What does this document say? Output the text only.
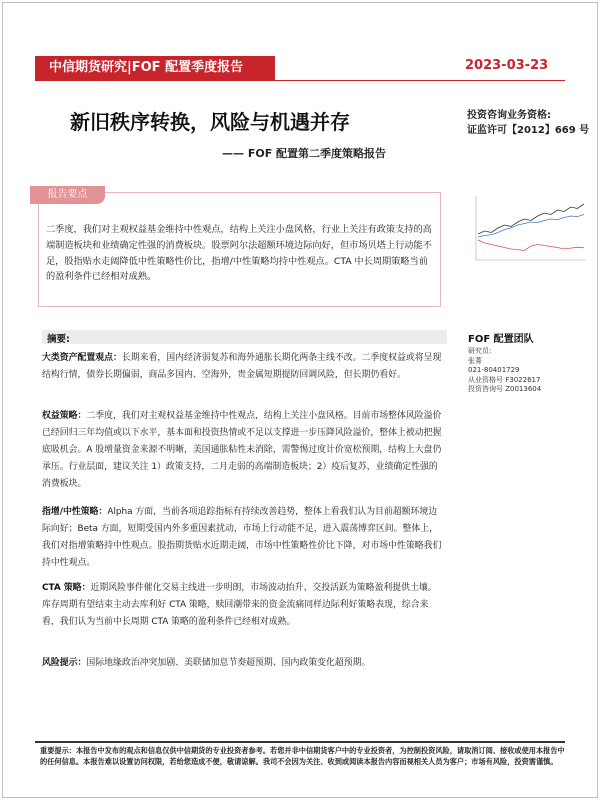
中信期货研究|FOF 配置季度报告	2023-03-23
新旧秩序转换，风险与机遇并存
—— FOF 配置第二季度策略报告
投资咨询业务资格:
证监许可【2012】669 号
报告要点
二季度，我们对主观权益基金维持中性观点，结构上关注小盘风格，行业上关注有政策支持的高端制造板块和业绩确定性强的消费板块。股票阿尔法超额环境边际向好，但市场贝塔上行动能不足，股指贴水走阔降低中性策略性价比，指增/中性策略均持中性观点。CTA 中长周期策略当前的盈利条件已经相对成熟。
FOF 配置团队
研究员:
张菁
021-80401729
从业资格号 F3022617
投资咨询号 Z0013604
摘要:
大类资产配置观点：长期来看，国内经济弱复苏和海外通胀长期化两条主线不改。二季度权益或将呈现结构行情，债券长期偏弱，商品多国内、空海外，贵金属短期提防回调风险，但长期仍看好。
权益策略：二季度，我们对主观权益基金维持中性观点，结构上关注小盘风格。目前市场整体风险溢价已经回归三年均值或以下水平，基本面和投资热情或不足以支撑进一步压降风险溢价，整体上被动把握底吸机会。A 股增量资金来源不明晰，美国通胀粘性未消除，需警惕过度计价宽松预期，结构上大盘仍承压。行业层面，建议关注 1）政策支持，二月走弱的高端制造板块；2）疫后复苏，业绩确定性强的消费板块。
指增/中性策略：Alpha 方面，当前各项追踪指标有持续改善趋势，整体上看我们认为目前超额环境边际向好；Beta 方面，短期受国内外多重因素扰动，市场上行动能不足，进入震荡博弈区间。整体上，我们对指增策略持中性观点。股指期货贴水近期走阔，市场中性策略性价比下降，对市场中性策略我们持中性观点。
CTA 策略：近期风险事件催化交易主线进一步明朗，市场波动抬升、交投活跃为策略盈利提供土壤。库存周期有望结束主动去库利好 CTA 策略，赎回潮带来的资金流痛同样边际利好策略表现，综合来看，我们认为当前中长周期 CTA 策略的盈利条件已经相对成熟。
风险提示：国际地缘政治冲突加剧、美联储加息节奏超预期、国内政策变化超预期。
重要提示：本报告中发布的观点和信息仅供中信期货的专业投资者参考。若您并非中信期货客户中的专业投资者，为控制投资风险，请取消订阅、接收或使用本报告中的任何信息。本报告难以设置访问权限，若给您造成不便，敬请谅解。我司不会因为关注、收到或阅读本报告内容而视相关人员为客户；市场有风险，投资需谨慎。
